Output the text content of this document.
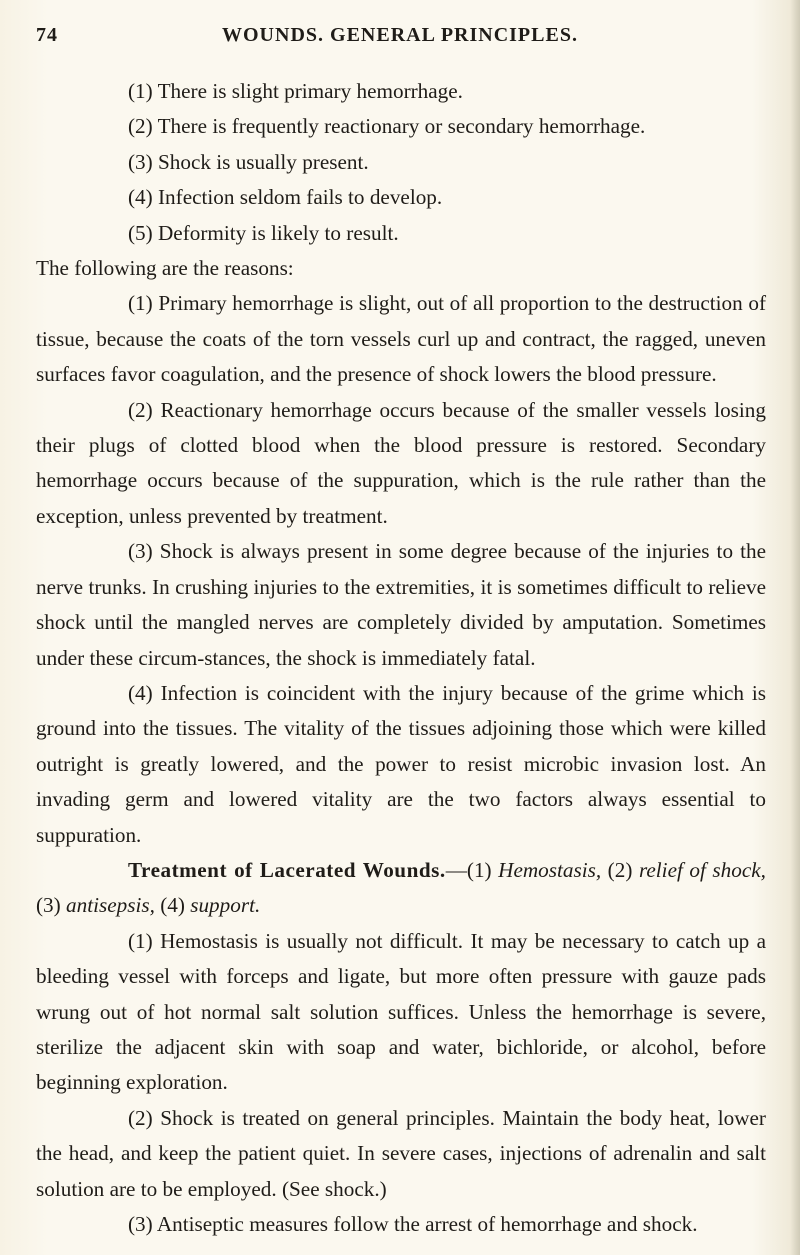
74	WOUNDS. GENERAL PRINCIPLES.

(1) There is slight primary hemorrhage.

(2) There is frequently reactionary or secondary hemorrhage.

(3) Shock is usually present.

(4) Infection seldom fails to develop.

(5) Deformity is likely to result.

The following are the reasons:

(1) Primary hemorrhage is slight, out of all proportion to the destruction of tissue, because the coats of the torn vessels curl up and contract, the ragged, uneven surfaces favor coagulation, and the presence of shock lowers the blood pressure.

(2) Reactionary hemorrhage occurs because of the smaller vessels losing their plugs of clotted blood when the blood pressure is restored. Secondary hemorrhage occurs because of the suppuration, which is the rule rather than the exception, unless prevented by treatment.

(3) Shock is always present in some degree because of the injuries to the nerve trunks. In crushing injuries to the extremities, it is sometimes difficult to relieve shock until the mangled nerves are completely divided by amputation. Sometimes under these circum-stances, the shock is immediately fatal.

(4) Infection is coincident with the injury because of the grime which is ground into the tissues. The vitality of the tissues adjoining those which were killed outright is greatly lowered, and the power to resist microbic invasion lost. An invading germ and lowered vitality are the two factors always essential to suppuration.

Treatment of Lacerated Wounds.—(1) Hemostasis, (2) relief of shock, (3) antisepsis, (4) support.

(1) Hemostasis is usually not difficult. It may be necessary to catch up a bleeding vessel with forceps and ligate, but more often pressure with gauze pads wrung out of hot normal salt solution suffices. Unless the hemorrhage is severe, sterilize the adjacent skin with soap and water, bichloride, or alcohol, before beginning exploration.

(2) Shock is treated on general principles. Maintain the body heat, lower the head, and keep the patient quiet. In severe cases, injections of adrenalin and salt solution are to be employed. (See shock.)

(3) Antiseptic measures follow the arrest of hemorrhage and shock.
